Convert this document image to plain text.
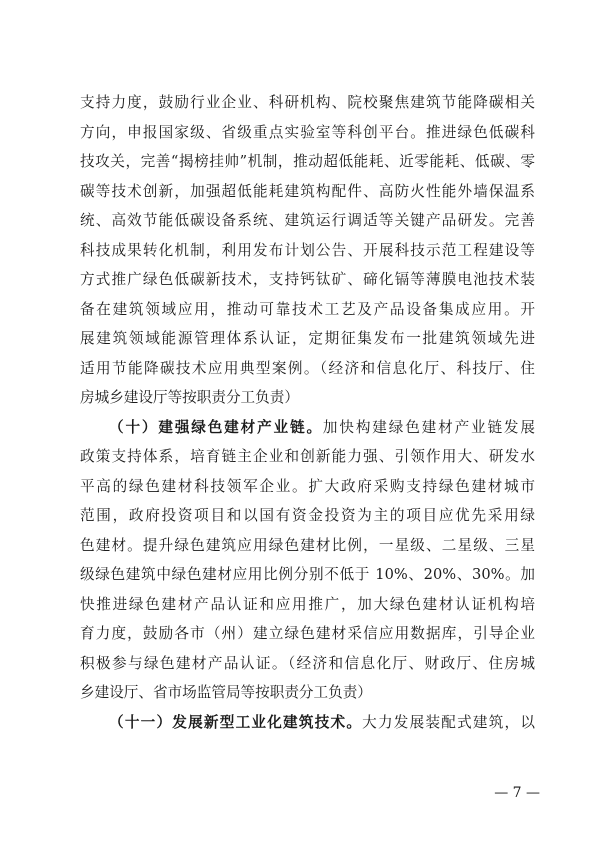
支持力度，鼓励行业企业、科研机构、院校聚焦建筑节能降碳相关
方向，申报国家级、省级重点实验室等科创平台。推进绿色低碳科
技攻关，完善“揭榜挂帅”机制，推动超低能耗、近零能耗、低碳、零
碳等技术创新，加强超低能耗建筑构配件、高防火性能外墙保温系
统、高效节能低碳设备系统、建筑运行调适等关键产品研发。完善
科技成果转化机制，利用发布计划公告、开展科技示范工程建设等
方式推广绿色低碳新技术，支持钙钛矿、碲化镉等薄膜电池技术装
备在建筑领域应用，推动可靠技术工艺及产品设备集成应用。开
展建筑领域能源管理体系认证，定期征集发布一批建筑领域先进
适用节能降碳技术应用典型案例。（经济和信息化厅、科技厅、住
房城乡建设厅等按职责分工负责）
（十）建强绿色建材产业链。加快构建绿色建材产业链发展
政策支持体系，培育链主企业和创新能力强、引领作用大、研发水
平高的绿色建材科技领军企业。扩大政府采购支持绿色建材城市
范围，政府投资项目和以国有资金投资为主的项目应优先采用绿
色建材。提升绿色建筑应用绿色建材比例，一星级、二星级、三星
级绿色建筑中绿色建材应用比例分别不低于 10%、20%、30%。加
快推进绿色建材产品认证和应用推广，加大绿色建材认证机构培
育力度，鼓励各市（州）建立绿色建材采信应用数据库，引导企业
积极参与绿色建材产品认证。（经济和信息化厅、财政厅、住房城
乡建设厅、省市场监管局等按职责分工负责）
（十一）发展新型工业化建筑技术。大力发展装配式建筑，以
— 7 —
